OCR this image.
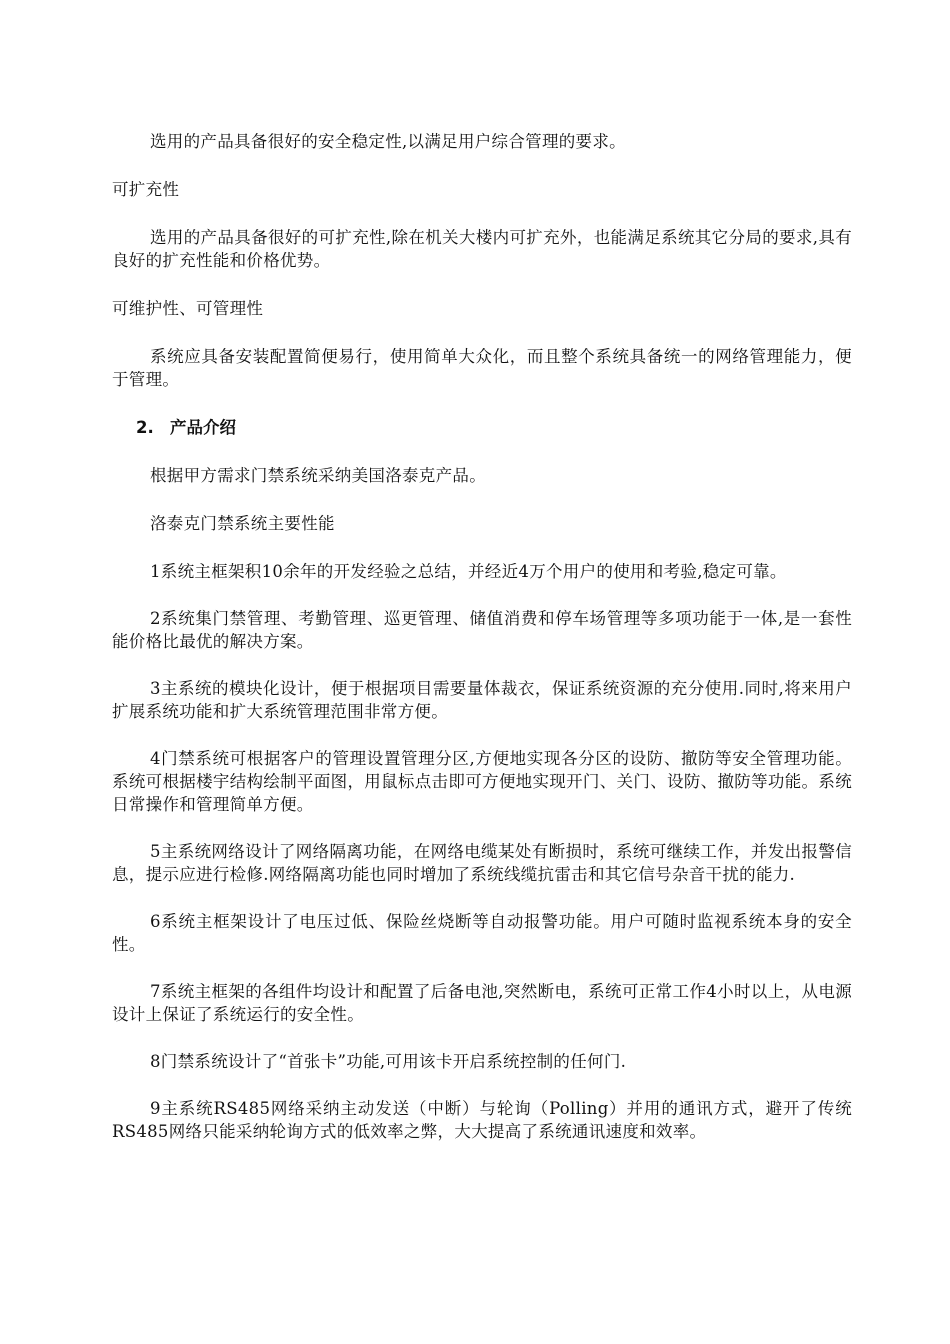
选用的产品具备很好的安全稳定性,以满足用户综合管理的要求。

可扩充性

选用的产品具备很好的可扩充性,除在机关大楼内可扩充外，也能满足系统其它分局的要求,具有良好的扩充性能和价格优势。

可维护性、可管理性

系统应具备安装配置简便易行，使用简单大众化，而且整个系统具备统一的网络管理能力，便于管理。

2. 产品介绍

根据甲方需求门禁系统采纳美国洛泰克产品。

洛泰克门禁系统主要性能

1系统主框架积10余年的开发经验之总结，并经近4万个用户的使用和考验,稳定可靠。

2系统集门禁管理、考勤管理、巡更管理、储值消费和停车场管理等多项功能于一体,是一套性能价格比最优的解决方案。

3主系统的模块化设计，便于根据项目需要量体裁衣，保证系统资源的充分使用.同时,将来用户扩展系统功能和扩大系统管理范围非常方便。

4门禁系统可根据客户的管理设置管理分区,方便地实现各分区的设防、撤防等安全管理功能。系统可根据楼宇结构绘制平面图，用鼠标点击即可方便地实现开门、关门、设防、撤防等功能。系统日常操作和管理简单方便。

5主系统网络设计了网络隔离功能，在网络电缆某处有断损时，系统可继续工作，并发出报警信息，提示应进行检修.网络隔离功能也同时增加了系统线缆抗雷击和其它信号杂音干扰的能力.

6系统主框架设计了电压过低、保险丝烧断等自动报警功能。用户可随时监视系统本身的安全性。

7系统主框架的各组件均设计和配置了后备电池,突然断电，系统可正常工作4小时以上，从电源设计上保证了系统运行的安全性。

8门禁系统设计了“首张卡”功能,可用该卡开启系统控制的任何门.

9主系统RS485网络采纳主动发送（中断）与轮询（Polling）并用的通讯方式，避开了传统RS485网络只能采纳轮询方式的低效率之弊，大大提高了系统通讯速度和效率。
